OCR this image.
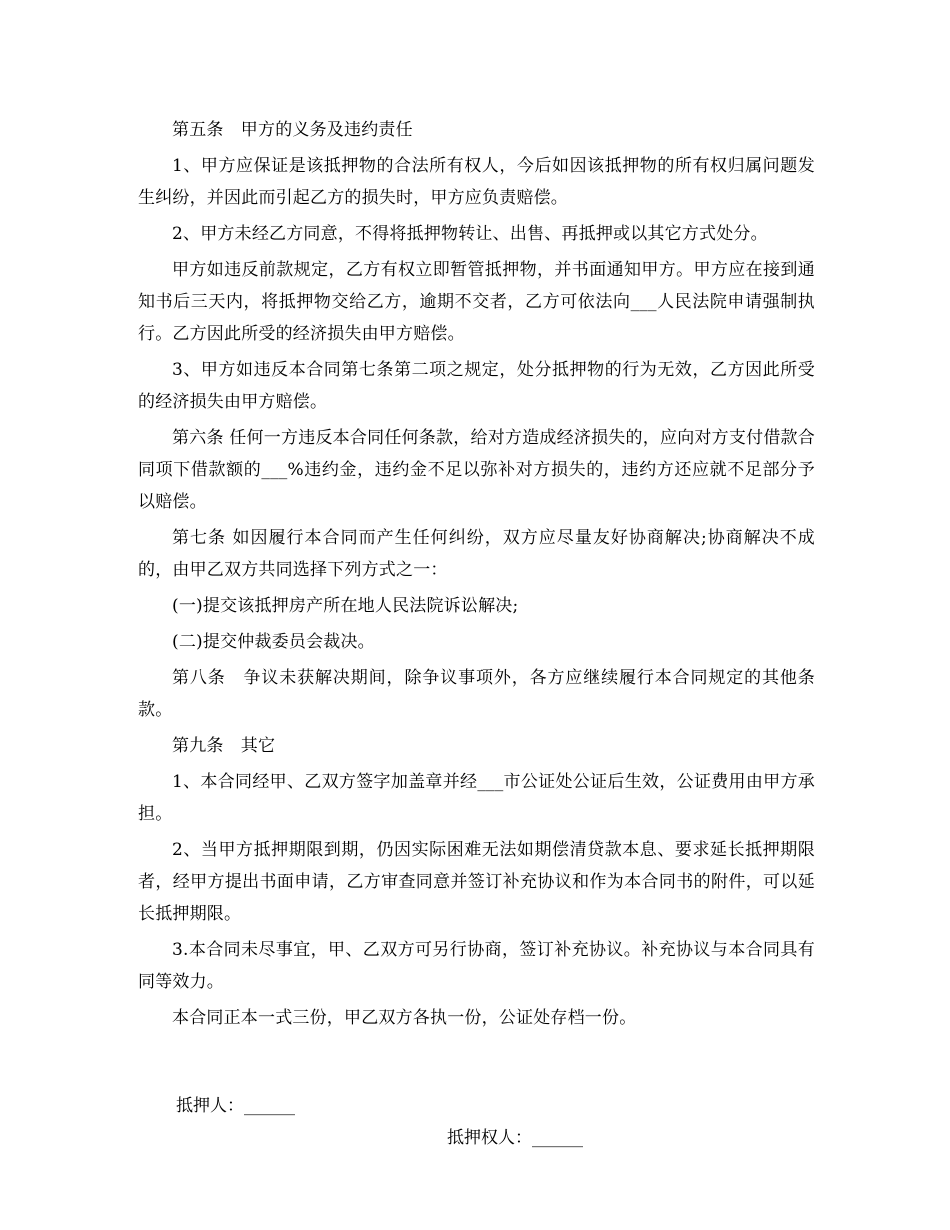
第五条　甲方的义务及违约责任

1、甲方应保证是该抵押物的合法所有权人，今后如因该抵押物的所有权归属问题发生纠纷，并因此而引起乙方的损失时，甲方应负责赔偿。

2、甲方未经乙方同意，不得将抵押物转让、出售、再抵押或以其它方式处分。

甲方如违反前款规定，乙方有权立即暂管抵押物，并书面通知甲方。甲方应在接到通知书后三天内，将抵押物交给乙方，逾期不交者，乙方可依法向___人民法院申请强制执行。乙方因此所受的经济损失由甲方赔偿。

3、甲方如违反本合同第七条第二项之规定，处分抵押物的行为无效，乙方因此所受的经济损失由甲方赔偿。

第六条 任何一方违反本合同任何条款，给对方造成经济损失的，应向对方支付借款合同项下借款额的___%违约金，违约金不足以弥补对方损失的，违约方还应就不足部分予以赔偿。

第七条 如因履行本合同而产生任何纠纷，双方应尽量友好协商解决;协商解决不成的，由甲乙双方共同选择下列方式之一：

(一)提交该抵押房产所在地人民法院诉讼解决;

(二)提交仲裁委员会裁决。

第八条　争议未获解决期间，除争议事项外，各方应继续履行本合同规定的其他条款。

第九条　其它

1、本合同经甲、乙双方签字加盖章并经___市公证处公证后生效，公证费用由甲方承担。

2、当甲方抵押期限到期，仍因实际困难无法如期偿清贷款本息、要求延长抵押期限者，经甲方提出书面申请，乙方审查同意并签订补充协议和作为本合同书的附件，可以延长抵押期限。

3.本合同未尽事宜，甲、乙双方可另行协商，签订补充协议。补充协议与本合同具有同等效力。

本合同正本一式三份，甲乙双方各执一份，公证处存档一份。

抵押人：______

抵押权人：______
